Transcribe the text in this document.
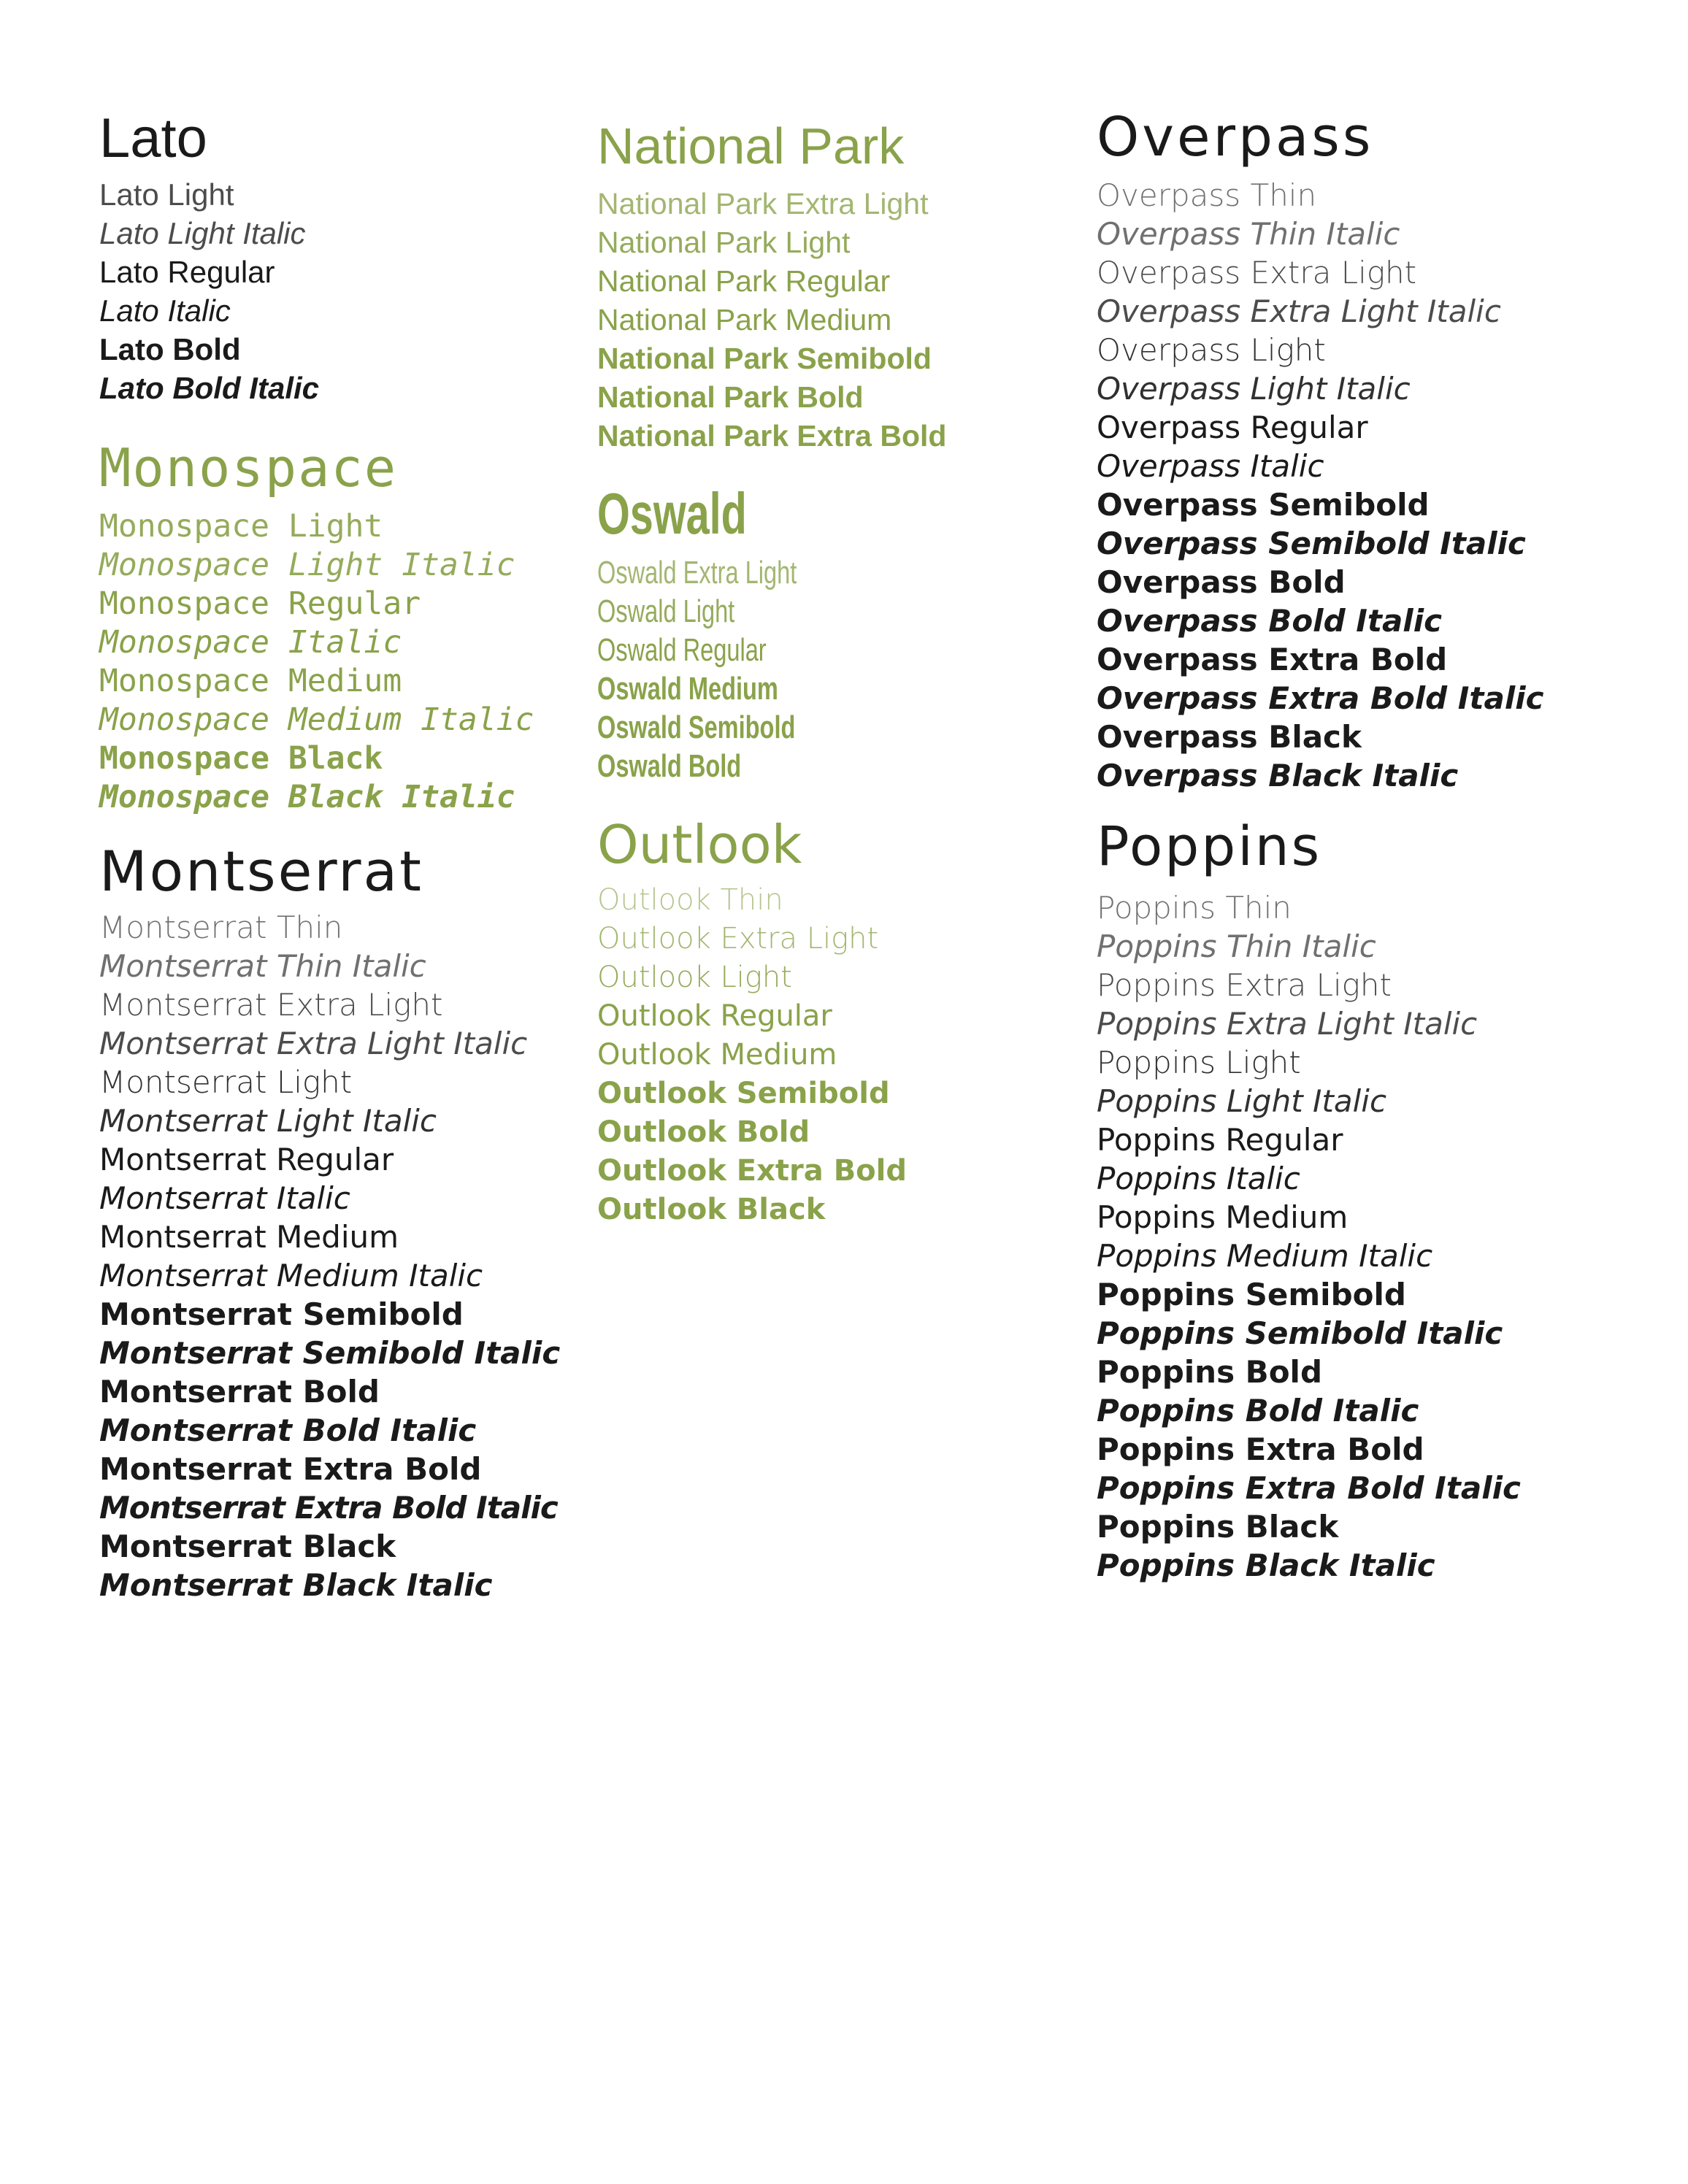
Lato
Lato Light
Lato Light Italic
Lato Regular
Lato Italic
Lato Bold
Lato Bold Italic
Monospace
Monospace Light
Monospace Light Italic
Monospace Regular
Monospace Italic
Monospace Medium
Monospace Medium Italic
Monospace Black
Monospace Black Italic
Montserrat
Montserrat Thin
Montserrat Thin Italic
Montserrat Extra Light
Montserrat Extra Light Italic
Montserrat Light
Montserrat Light Italic
Montserrat Regular
Montserrat Italic
Montserrat Medium
Montserrat Medium Italic
Montserrat Semibold
Montserrat Semibold Italic
Montserrat Bold
Montserrat Bold Italic
Montserrat Extra Bold
Montserrat Extra Bold Italic
Montserrat Black
Montserrat Black Italic
National Park
National Park Extra Light
National Park Light
National Park Regular
National Park Medium
National Park Semibold
National Park Bold
National Park Extra Bold
Oswald
Oswald Extra Light
Oswald Light
Oswald Regular
Oswald Medium
Oswald Semibold
Oswald Bold
Outlook
Outlook Thin
Outlook Extra Light
Outlook Light
Outlook Regular
Outlook Medium
Outlook Semibold
Outlook Bold
Outlook Extra Bold
Outlook Black
Overpass
Overpass Thin
Overpass Thin Italic
Overpass Extra Light
Overpass Extra Light Italic
Overpass Light
Overpass Light Italic
Overpass Regular
Overpass Italic
Overpass Semibold
Overpass Semibold Italic
Overpass Bold
Overpass Bold Italic
Overpass Extra Bold
Overpass Extra Bold Italic
Overpass Black
Overpass Black Italic
Poppins
Poppins Thin
Poppins Thin Italic
Poppins Extra Light
Poppins Extra Light Italic
Poppins Light
Poppins Light Italic
Poppins Regular
Poppins Italic
Poppins Medium
Poppins Medium Italic
Poppins Semibold
Poppins Semibold Italic
Poppins Bold
Poppins Bold Italic
Poppins Extra Bold
Poppins Extra Bold Italic
Poppins Black
Poppins Black Italic
